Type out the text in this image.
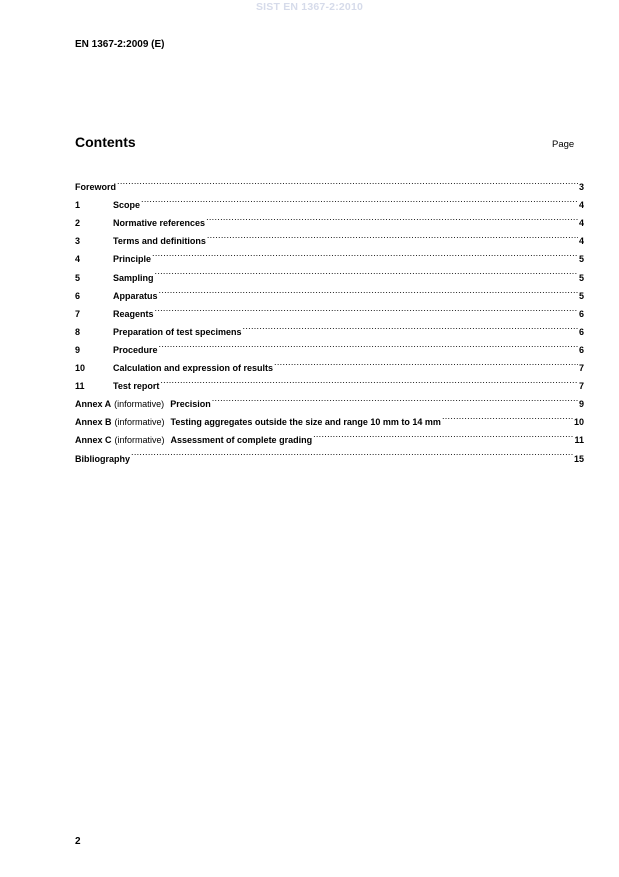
SIST EN 1367-2:2010
EN 1367-2:2009 (E)
Contents	Page
Foreword .....	3
1	Scope .....	4
2	Normative references .....	4
3	Terms and definitions .....	4
4	Principle .....	5
5	Sampling .....	5
6	Apparatus .....	5
7	Reagents .....	6
8	Preparation of test specimens .....	6
9	Procedure .....	6
10	Calculation and expression of results .....	7
11	Test report .....	7
Annex A (informative) Precision .....	9
Annex B (informative) Testing aggregates outside the size and range 10 mm to 14 mm .....	10
Annex C (informative) Assessment of complete grading .....	11
Bibliography .....	15
2
